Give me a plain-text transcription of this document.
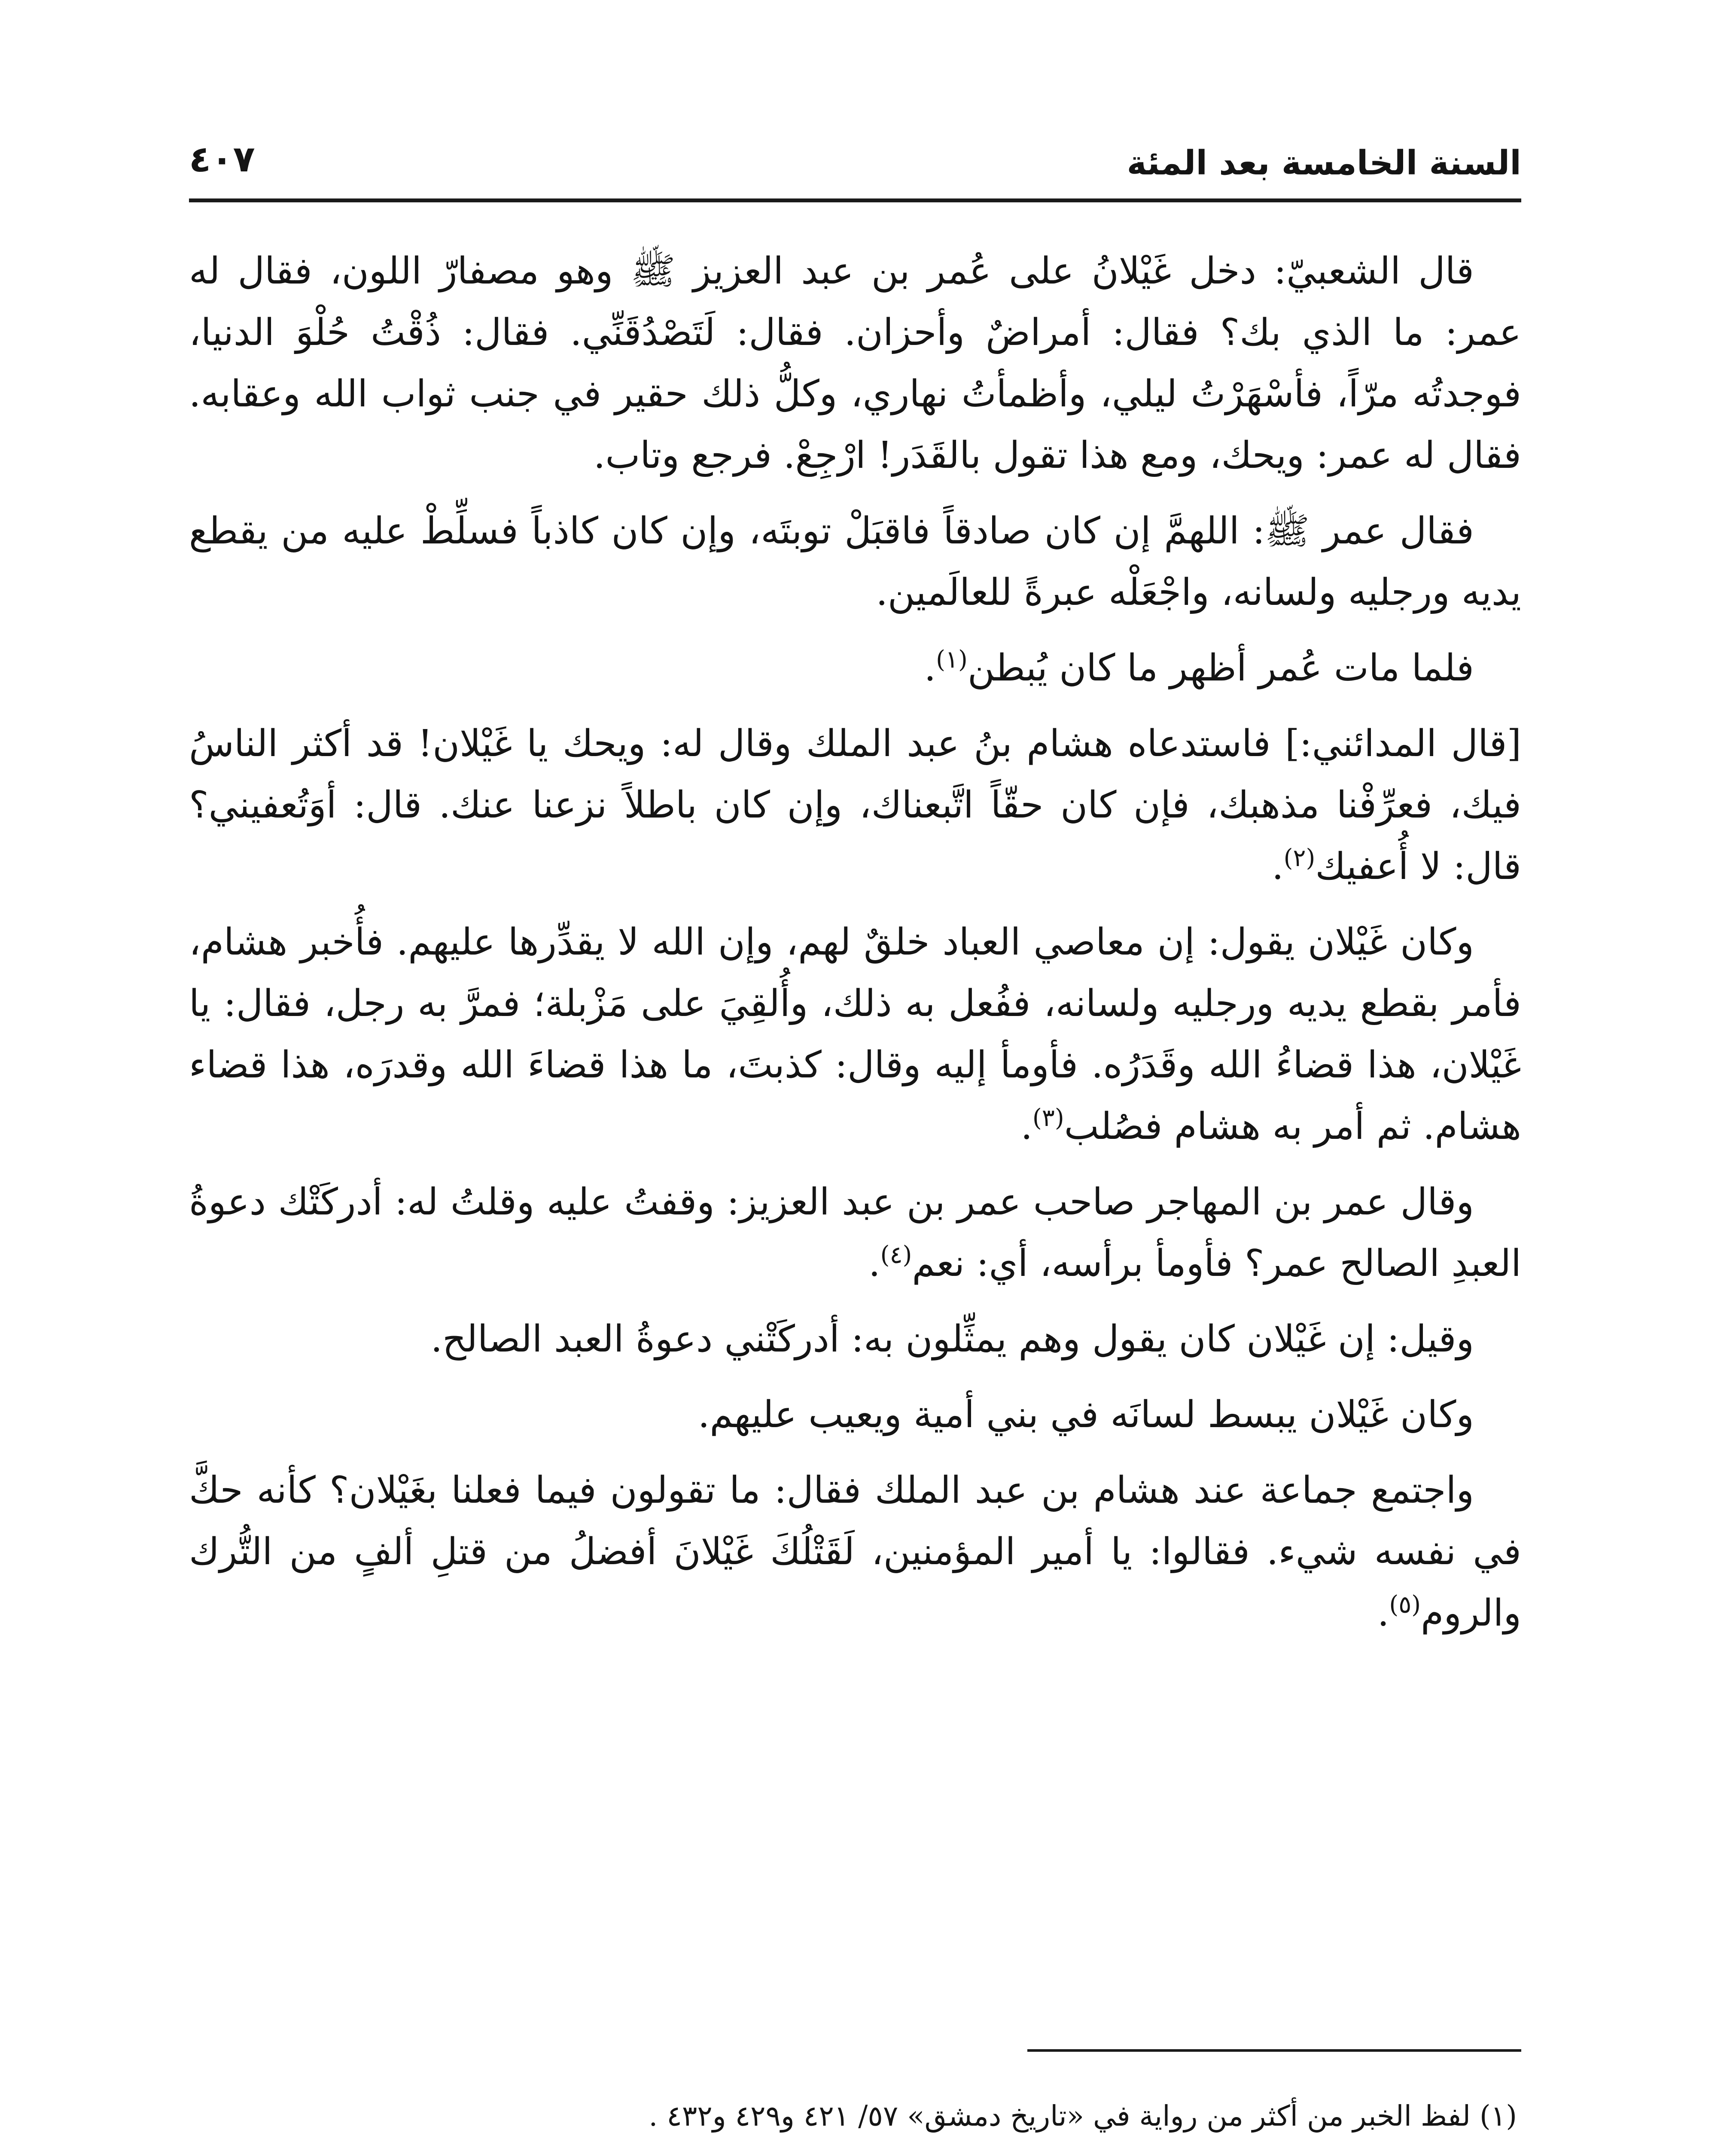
السنة الخامسة بعد المئة
٤٠٧

قال الشعبيّ: دخل غَيْلانُ على عُمر بن عبد العزيز ﷺ وهو مصفارّ اللون، فقال له عمر: ما الذي بك؟ فقال: أمراضٌ وأحزان. فقال: لَتَصْدُقَنِّي. فقال: ذُقْتُ حُلْوَ الدنيا، فوجدتُه مرّاً، فأسْهَرْتُ ليلي، وأظمأتُ نهاري، وكلُّ ذلك حقير في جنب ثواب الله وعقابه. فقال له عمر: ويحك، ومع هذا تقول بالقَدَر! ارْجِعْ. فرجع وتاب.

فقال عمر ﷺ: اللهمَّ إن كان صادقاً فاقبَلْ توبتَه، وإن كان كاذباً فسلِّطْ عليه من يقطع يديه ورجليه ولسانه، واجْعَلْه عبرةً للعالَمين.

فلما مات عُمر أظهر ما كان يُبطن$^{(١)}$.

[قال المدائني:] فاستدعاه هشام بنُ عبد الملك وقال له: ويحك يا غَيْلان! قد أكثر الناسُ فيك، فعرِّفْنا مذهبك، فإن كان حقّاً اتَّبعناك، وإن كان باطلاً نزعنا عنك. قال: أوَتُعفيني؟ قال: لا أُعفيك$^{(٢)}$.

وكان غَيْلان يقول: إن معاصي العباد خلقٌ لهم، وإن الله لا يقدِّرها عليهم. فأُخبر هشام، فأمر بقطع يديه ورجليه ولسانه، ففُعل به ذلك، وأُلقِيَ على مَزْبلة؛ فمرَّ به رجل، فقال: يا غَيْلان، هذا قضاءُ الله وقَدَرُه. فأومأ إليه وقال: كذبتَ، ما هذا قضاءَ الله وقدرَه، هذا قضاء هشام. ثم أمر به هشام فصُلب$^{(٣)}$.

وقال عمر بن المهاجر صاحب عمر بن عبد العزيز: وقفتُ عليه وقلتُ له: أدركَتْك دعوةُ العبدِ الصالح عمر؟ فأومأ برأسه، أي: نعم$^{(٤)}$.

وقيل: إن غَيْلان كان يقول وهم يمثِّلون به: أدركَتْني دعوةُ العبد الصالح.

وكان غَيْلان يبسط لسانَه في بني أمية ويعيب عليهم.

واجتمع جماعة عند هشام بن عبد الملك فقال: ما تقولون فيما فعلنا بغَيْلان؟ كأنه حكَّ في نفسه شيء. فقالوا: يا أمير المؤمنين، لَقَتْلُكَ غَيْلانَ أفضلُ من قتلِ ألفٍ من التُّرك والروم$^{(٥)}$.

(١) لفظ الخبر من أكثر من رواية في «تاريخ دمشق» ٥٧/ ٤٢١ و٤٢٩ و٤٣٢ .
